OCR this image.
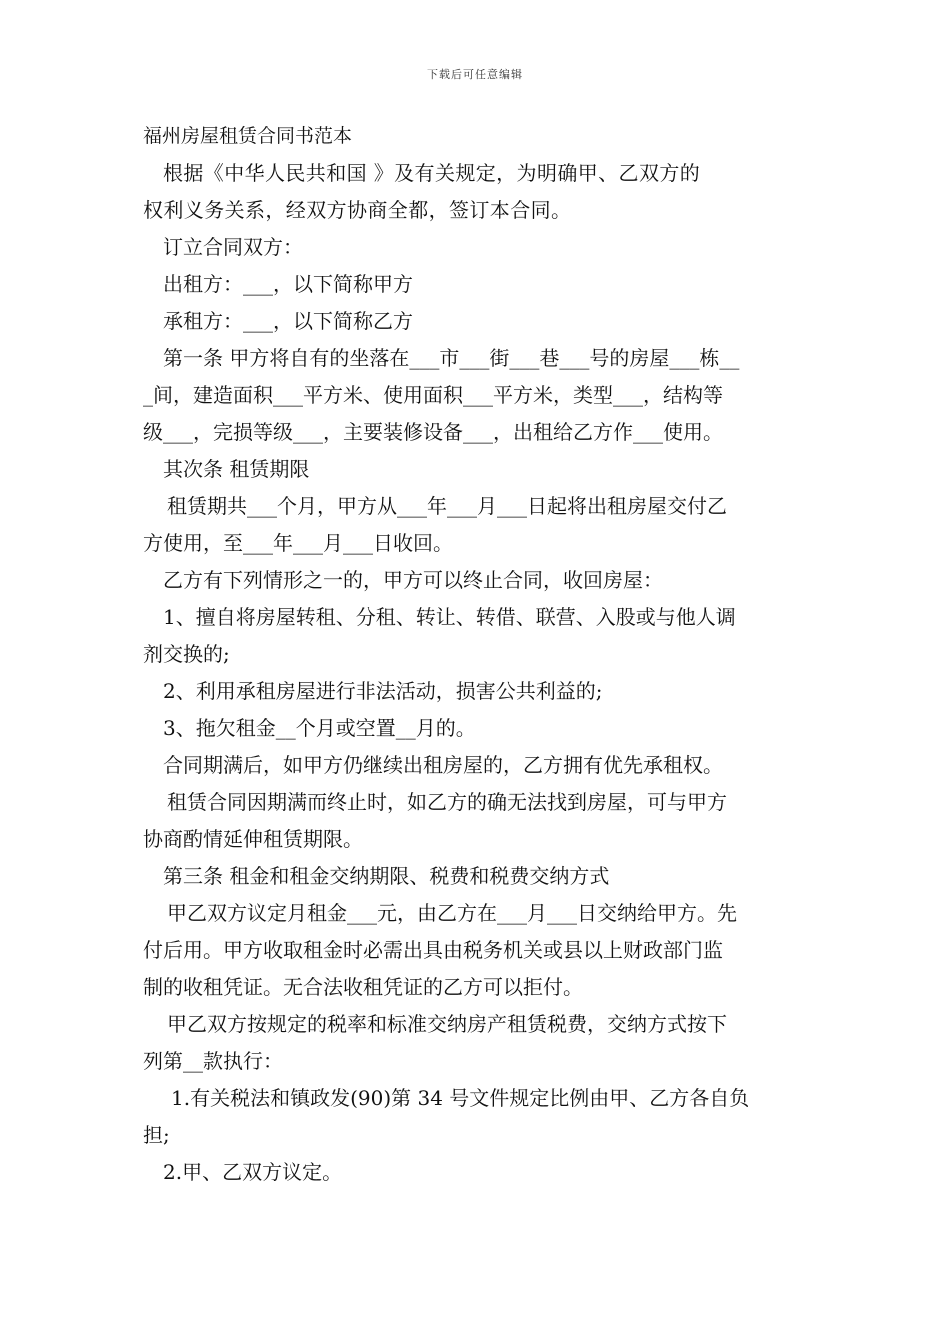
下载后可任意编辑
福州房屋租赁合同书范本
根据《中华人民共和国 》及有关规定，为明确甲、乙双方的
权利义务关系，经双方协商全都，签订本合同。
订立合同双方：
出租方：___，以下简称甲方
承租方：___，以下简称乙方
第一条 甲方将自有的坐落在___市___街___巷___号的房屋___栋__
_间，建造面积___平方米、使用面积___平方米，类型___，结构等
级___，完损等级___，主要装修设备___，出租给乙方作___使用。
其次条 租赁期限
租赁期共___个月，甲方从___年___月___日起将出租房屋交付乙
方使用，至___年___月___日收回。
乙方有下列情形之一的，甲方可以终止合同，收回房屋：
1、擅自将房屋转租、分租、转让、转借、联营、入股或与他人调
剂交换的;
2、利用承租房屋进行非法活动，损害公共利益的;
3、拖欠租金__个月或空置__月的。
合同期满后，如甲方仍继续出租房屋的，乙方拥有优先承租权。
租赁合同因期满而终止时，如乙方的确无法找到房屋，可与甲方
协商酌情延伸租赁期限。
第三条 租金和租金交纳期限、税费和税费交纳方式
甲乙双方议定月租金___元，由乙方在___月___日交纳给甲方。先
付后用。甲方收取租金时必需出具由税务机关或县以上财政部门监
制的收租凭证。无合法收租凭证的乙方可以拒付。
甲乙双方按规定的税率和标准交纳房产租赁税费，交纳方式按下
列第__款执行：
1.有关税法和镇政发(90)第 34 号文件规定比例由甲、乙方各自负
担;
2.甲、乙双方议定。
